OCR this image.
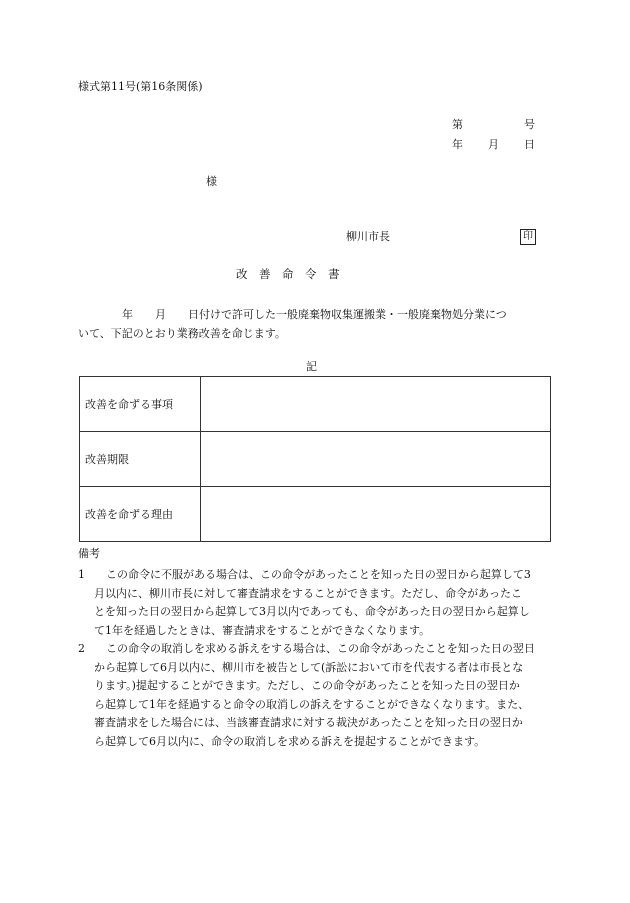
様式第11号(第16条関係)
第	号
年 月 日
様
柳川市長	印
改　善　命　令　書
年　　月　　日付けで許可した一般廃棄物収集運搬業・一般廃棄物処分業につ
いて、下記のとおり業務改善を命じます。
記
改善を命ずる事項	
改善期限	
改善を命ずる理由	
備考
1	この命令に不服がある場合は、この命令があったことを知った日の翌日から起算して3
月以内に、柳川市長に対して審査請求をすることができます。ただし、命令があったこ
とを知った日の翌日から起算して3月以内であっても、命令があった日の翌日から起算し
て1年を経過したときは、審査請求をすることができなくなります。
2	この命令の取消しを求める訴えをする場合は、この命令があったことを知った日の翌日
から起算して6月以内に、柳川市を被告として(訴訟において市を代表する者は市長とな
ります。)提起することができます。ただし、この命令があったことを知った日の翌日か
ら起算して1年を経過すると命令の取消しの訴えをすることができなくなります。また、
審査請求をした場合には、当該審査請求に対する裁決があったことを知った日の翌日か
ら起算して6月以内に、命令の取消しを求める訴えを提起することができます。
